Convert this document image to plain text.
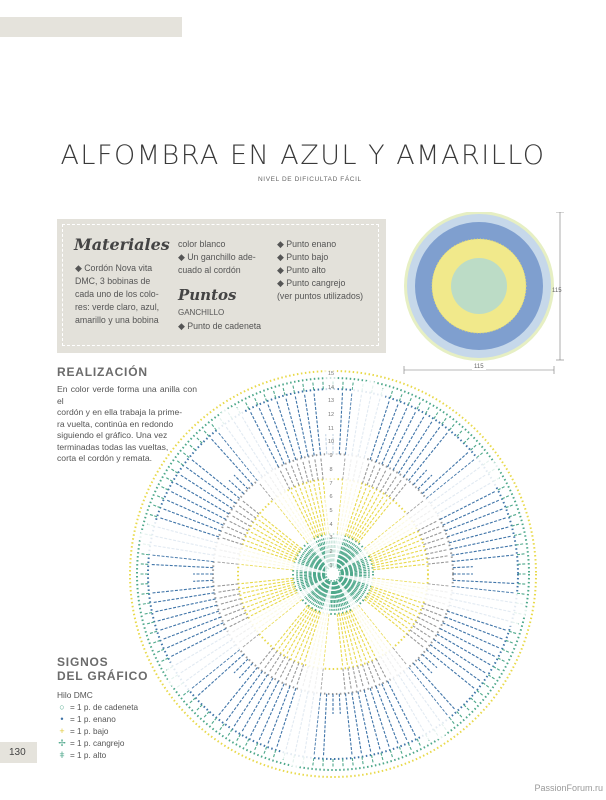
ALFOMBRA EN AZUL Y AMARILLO
NIVEL DE DIFICULTAD FÁCIL
Materiales
◆ Cordón Nova vita
DMC, 3 bobinas de
cada uno de los colo-
res: verde claro, azul,
amarillo y una bobina
color blanco
◆ Un ganchillo ade-
cuado al cordón
Puntos
GANCHILLO
◆ Punto de cadeneta
◆ Punto enano
◆ Punto bajo
◆ Punto alto
◆ Punto cangrejo
(ver puntos utilizados)	115
115
REALIZACIÓN
En color verde forma una anilla con el
cordón y en ella trabaja la prime-
ra vuelta, continúa en redondo
siguiendo el gráfico. Una vez
terminadas todas las vueltas,
corta el cordón y remata.
15
14
13
12
11
10
9
8
7
6
5
4
3
2
1
SIGNOS
DEL GRÁFICO
Hilo DMC
○ = 1 p. de cadeneta
• = 1 p. enano
+ = 1 p. bajo
✢ = 1 p. cangrejo
ǂ = 1 p. alto
130
PassionForum.ru
